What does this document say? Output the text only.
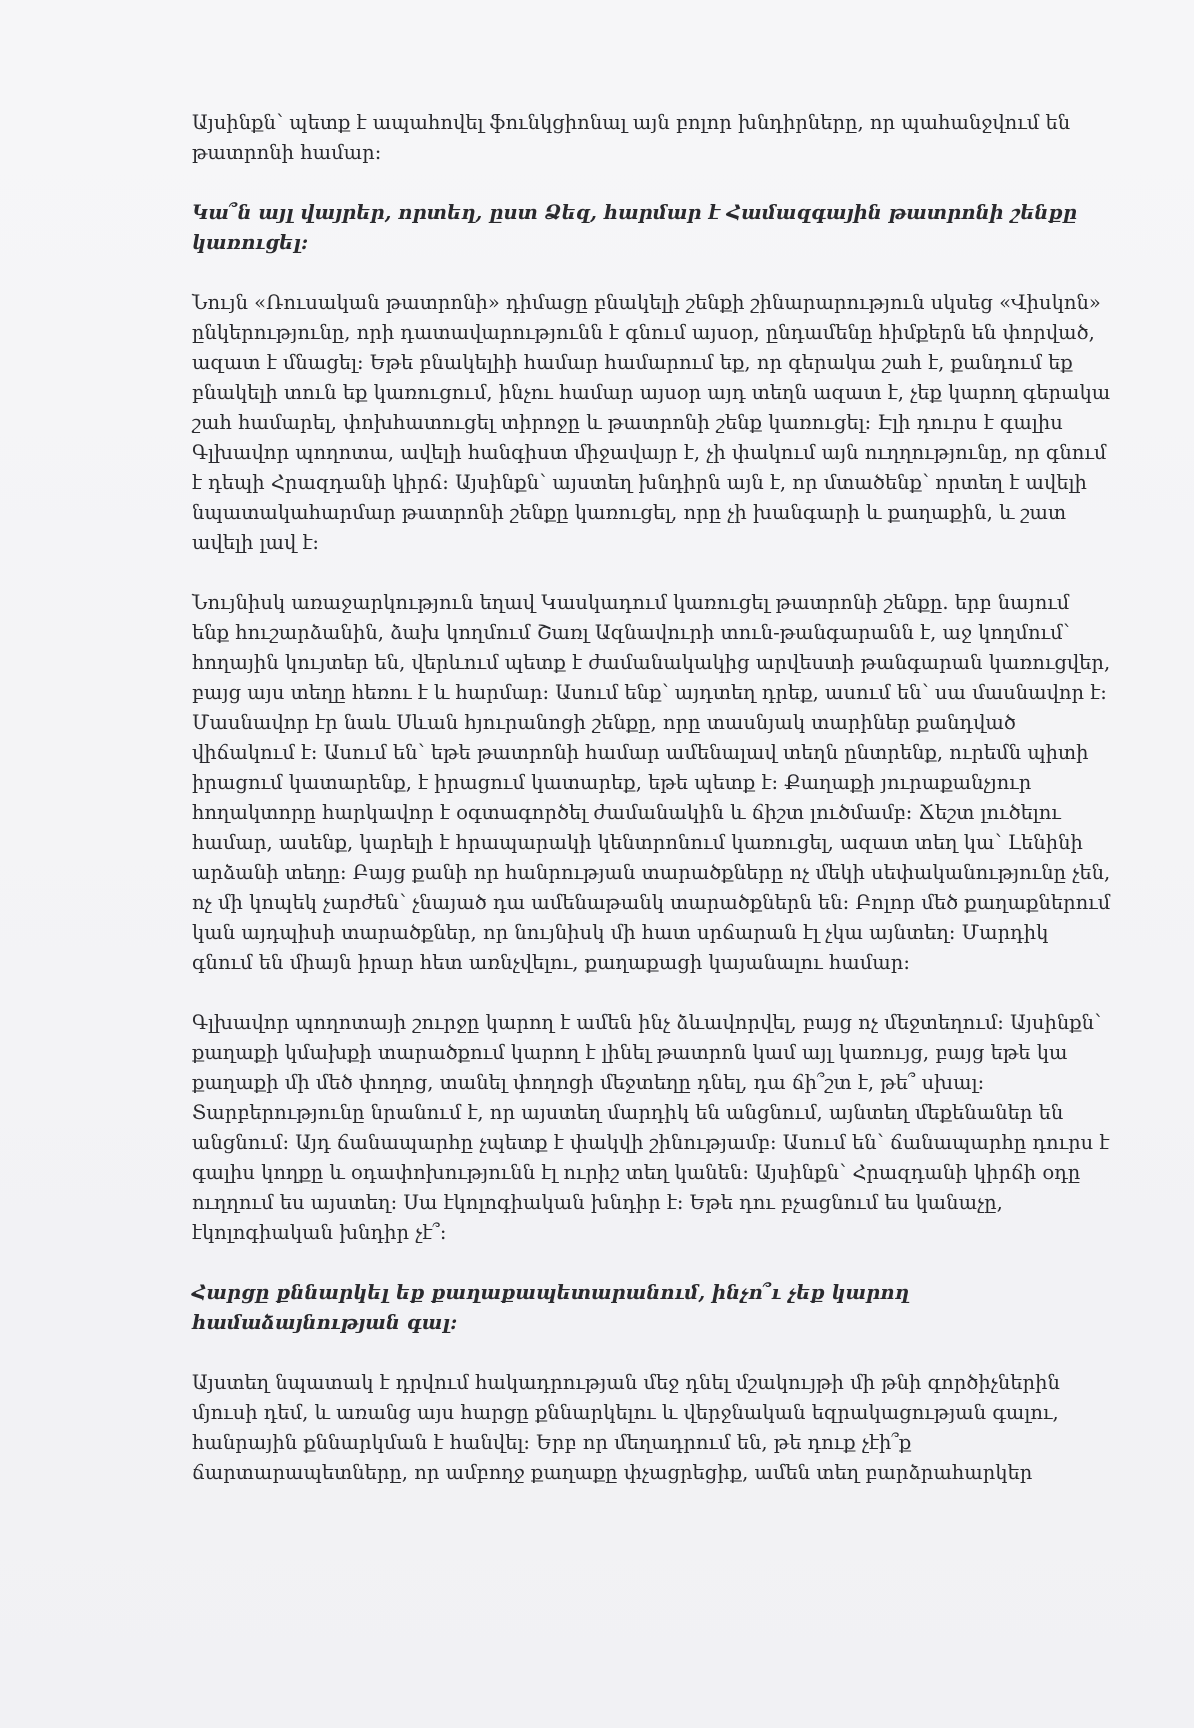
Այսինքն՝ պետք է ապահովել ֆունկցիոնալ այն բոլոր խնդիրները, որ պահանջվում են թատրոնի համար:

Կա՞ն այլ վայրեր, որտեղ, ըստ Ձեզ, հարմար է Համազգային թատրոնի շենքը կառուցել:

Նույն «Ռուսական թատրոնի» դիմացը բնակելի շենքի շինարարություն սկսեց «Վիսկոն» ընկերությունը, որի դատավարությունն է գնում այսօր, ընդամենը հիմքերն են փորված, ազատ է մնացել: Եթե բնակելիի համար համարում եք, որ գերակա շահ է, քանդում եք բնակելի տուն եք կառուցում, ինչու համար այսօր այդ տեղն ազատ է, չեք կարող գերակա շահ համարել, փոխհատուցել տիրոջը և թատրոնի շենք կառուցել: Էլի դուրս է գալիս Գլխավոր պողոտա, ավելի հանգիստ միջավայր է, չի փակում այն ուղղությունը, որ գնում է դեպի Հրազդանի կիրճ: Այսինքն՝ այստեղ խնդիրն այն է, որ մտածենք՝ որտեղ է ավելի նպատակահարմար թատրոնի շենքը կառուցել, որը չի խանգարի և քաղաքին, և շատ ավելի լավ է:

Նույնիսկ առաջարկություն եղավ Կասկադում կառուցել թատրոնի շենքը. երբ նայում ենք հուշարձանին, ձախ կողմում Շառլ Ազնավուրի տուն-թանգարանն է, աջ կողմում՝ հողային կույտեր են, վերևում պետք է ժամանակակից արվեստի թանգարան կառուցվեր, բայց այս տեղը հեռու է և հարմար: Ասում ենք՝ այդտեղ դրեք, ասում են՝ սա մասնավոր է: Մասնավոր էր նաև Սևան հյուրանոցի շենքը, որը տասնյակ տարիներ քանդված վիճակում է: Ասում են՝ եթե թատրոնի համար ամենալավ տեղն ընտրենք, ուրեմն պիտի իրացում կատարենք, է իրացում կատարեք, եթե պետք է: Քաղաքի յուրաքանչյուր հողակտորը հարկավոր է օգտագործել ժամանակին և ճիշտ լուծմամբ: Ճեշտ լուծելու համար, ասենք, կարելի է հրապարակի կենտրոնում կառուցել, ազատ տեղ կա՝ Լենինի արձանի տեղը: Բայց քանի որ հանրության տարածքները ոչ մեկի սեփականությունը չեն, ոչ մի կոպեկ չարժեն՝ չնայած դա ամենաթանկ տարածքներն են: Բոլոր մեծ քաղաքներում կան այդպիսի տարածքներ, որ նույնիսկ մի հատ սրճարան էլ չկա այնտեղ: Մարդիկ գնում են միայն իրար հետ առնչվելու, քաղաքացի կայանալու համար:

Գլխավոր պողոտայի շուրջը կարող է ամեն ինչ ձևավորվել, բայց ոչ մեջտեղում: Այսինքն՝ քաղաքի կմախքի տարածքում կարող է լինել թատրոն կամ այլ կառույց, բայց եթե կա քաղաքի մի մեծ փողոց, տանել փողոցի մեջտեղը դնել, դա ճի՞շտ է, թե՞ սխալ: Տարբերությունը նրանում է, որ այստեղ մարդիկ են անցնում, այնտեղ մեքենաներ են անցնում: Այդ ճանապարհը չպետք է փակվի շինությամբ: Ասում են՝ ճանապարհը դուրս է գալիս կողքը և օդափոխությունն էլ ուրիշ տեղ կանեն: Այսինքն՝ Հրազդանի կիրճի օդը ուղղում ես այստեղ: Սա էկոլոգիական խնդիր է: Եթե դու բչացնում ես կանաչը, էկոլոգիական խնդիր չէ՞:

Հարցը քննարկել եք քաղաքապետարանում, ինչո՞ւ չեք կարող համաձայնության գալ:

Այստեղ նպատակ է դրվում հակադրության մեջ դնել մշակույթի մի թնի գործիչներին մյուսի դեմ, և առանց այս հարցը քննարկելու և վերջնական եզրակացության գալու, հանրային քննարկման է հանվել: Երբ որ մեղադրում են, թե դուք չէի՞ք ճարտարապետները, որ ամբողջ քաղաքը փչացրեցիք, ամեն տեղ բարձրահարկեր
